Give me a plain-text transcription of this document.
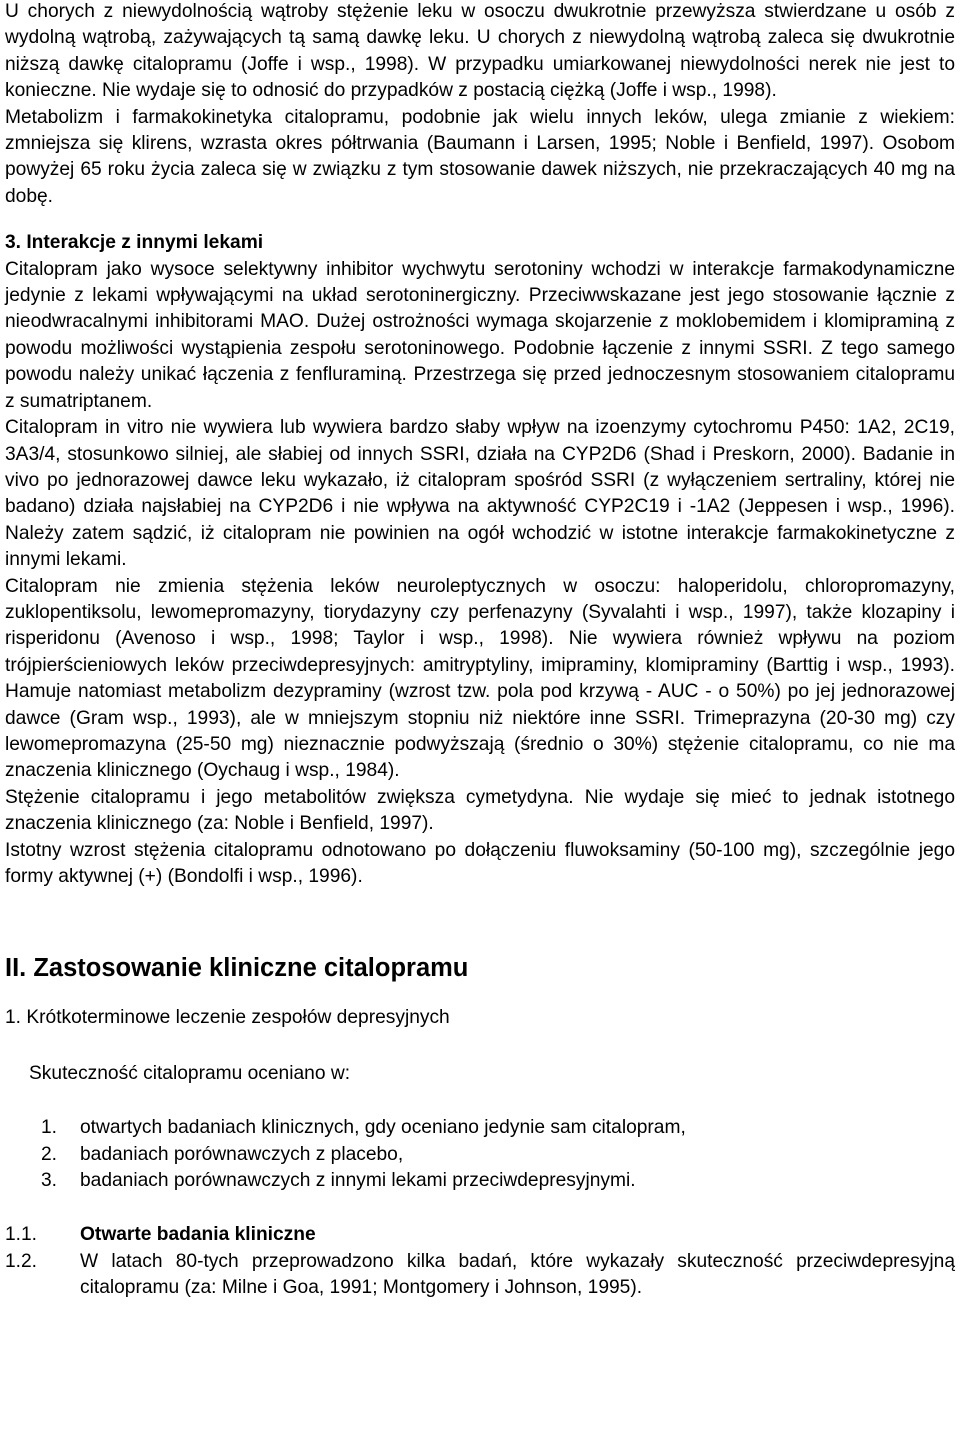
U chorych z niewydolnością wątroby stężenie leku w osoczu dwukrotnie przewyższa stwierdzane u osób z wydolną wątrobą, zażywających tą samą dawkę leku. U chorych z niewydolną wątrobą zaleca się dwukrotnie niższą dawkę citalopramu (Joffe i wsp., 1998). W przypadku umiarkowanej niewydolności nerek nie jest to konieczne. Nie wydaje się to odnosić do przypadków z postacią ciężką (Joffe i wsp., 1998).

Metabolizm i farmakokinetyka citalopramu, podobnie jak wielu innych leków, ulega zmianie z wiekiem: zmniejsza się klirens, wzrasta okres półtrwania (Baumann i Larsen, 1995; Noble i Benfield, 1997). Osobom powyżej 65 roku życia zaleca się w związku z tym stosowanie dawek niższych, nie przekraczających 40 mg na dobę.

3. Interakcje z innymi lekami

Citalopram jako wysoce selektywny inhibitor wychwytu serotoniny wchodzi w interakcje farmakodynamiczne jedynie z lekami wpływającymi na układ serotoninergiczny. Przeciwwskazane jest jego stosowanie łącznie z nieodwracalnymi inhibitorami MAO. Dużej ostrożności wymaga skojarzenie z moklobemidem i klomipraminą z powodu możliwości wystąpienia zespołu serotoninowego. Podobnie łączenie z innymi SSRI. Z tego samego powodu należy unikać łączenia z fenfluraminą. Przestrzega się przed jednoczesnym stosowaniem citalopramu z sumatriptanem.

Citalopram in vitro nie wywiera lub wywiera bardzo słaby wpływ na izoenzymy cytochromu P450: 1A2, 2C19, 3A3/4, stosunkowo silniej, ale słabiej od innych SSRI, działa na CYP2D6 (Shad i Preskorn, 2000). Badanie in vivo po jednorazowej dawce leku wykazało, iż citalopram spośród SSRI (z wyłączeniem sertraliny, której nie badano) działa najsłabiej na CYP2D6 i nie wpływa na aktywność CYP2C19 i -1A2 (Jeppesen i wsp., 1996). Należy zatem sądzić, iż citalopram nie powinien na ogół wchodzić w istotne interakcje farmakokinetyczne z innymi lekami.

Citalopram nie zmienia stężenia leków neuroleptycznych w osoczu: haloperidolu, chloropromazyny, zuklopentiksolu, lewomepromazyny, tiorydazyny czy perfenazyny (Syvalahti i wsp., 1997), także klozapiny i risperidonu (Avenoso i wsp., 1998; Taylor i wsp., 1998). Nie wywiera również wpływu na poziom trójpierścieniowych leków przeciwdepresyjnych: amitryptyliny, imipraminy, klomipraminy (Barttig i wsp., 1993). Hamuje natomiast metabolizm dezypraminy (wzrost tzw. pola pod krzywą - AUC - o 50%) po jej jednorazowej dawce (Gram wsp., 1993), ale w mniejszym stopniu niż niektóre inne SSRI. Trimeprazyna (20-30 mg) czy lewomepromazyna (25-50 mg) nieznacznie podwyższają (średnio o 30%) stężenie citalopramu, co nie ma znaczenia klinicznego (Oychaug i wsp., 1984).

Stężenie citalopramu i jego metabolitów zwiększa cymetydyna. Nie wydaje się mieć to jednak istotnego znaczenia klinicznego (za: Noble i Benfield, 1997).

Istotny wzrost stężenia citalopramu odnotowano po dołączeniu fluwoksaminy (50-100 mg), szczególnie jego formy aktywnej (+) (Bondolfi i wsp., 1996).

II. Zastosowanie kliniczne citalopramu
1. Krótkoterminowe leczenie zespołów depresyjnych
Skuteczność citalopramu oceniano w:
1.	otwartych badaniach klinicznych, gdy oceniano jedynie sam citalopram,
2.	badaniach porównawczych z placebo,
3.	badaniach porównawczych z innymi lekami przeciwdepresyjnymi.
1.1.	Otwarte badania kliniczne
1.2.	W latach 80-tych przeprowadzono kilka badań, które wykazały skuteczność przeciwdepresyjną citalopramu (za: Milne i Goa, 1991; Montgomery i Johnson, 1995).
